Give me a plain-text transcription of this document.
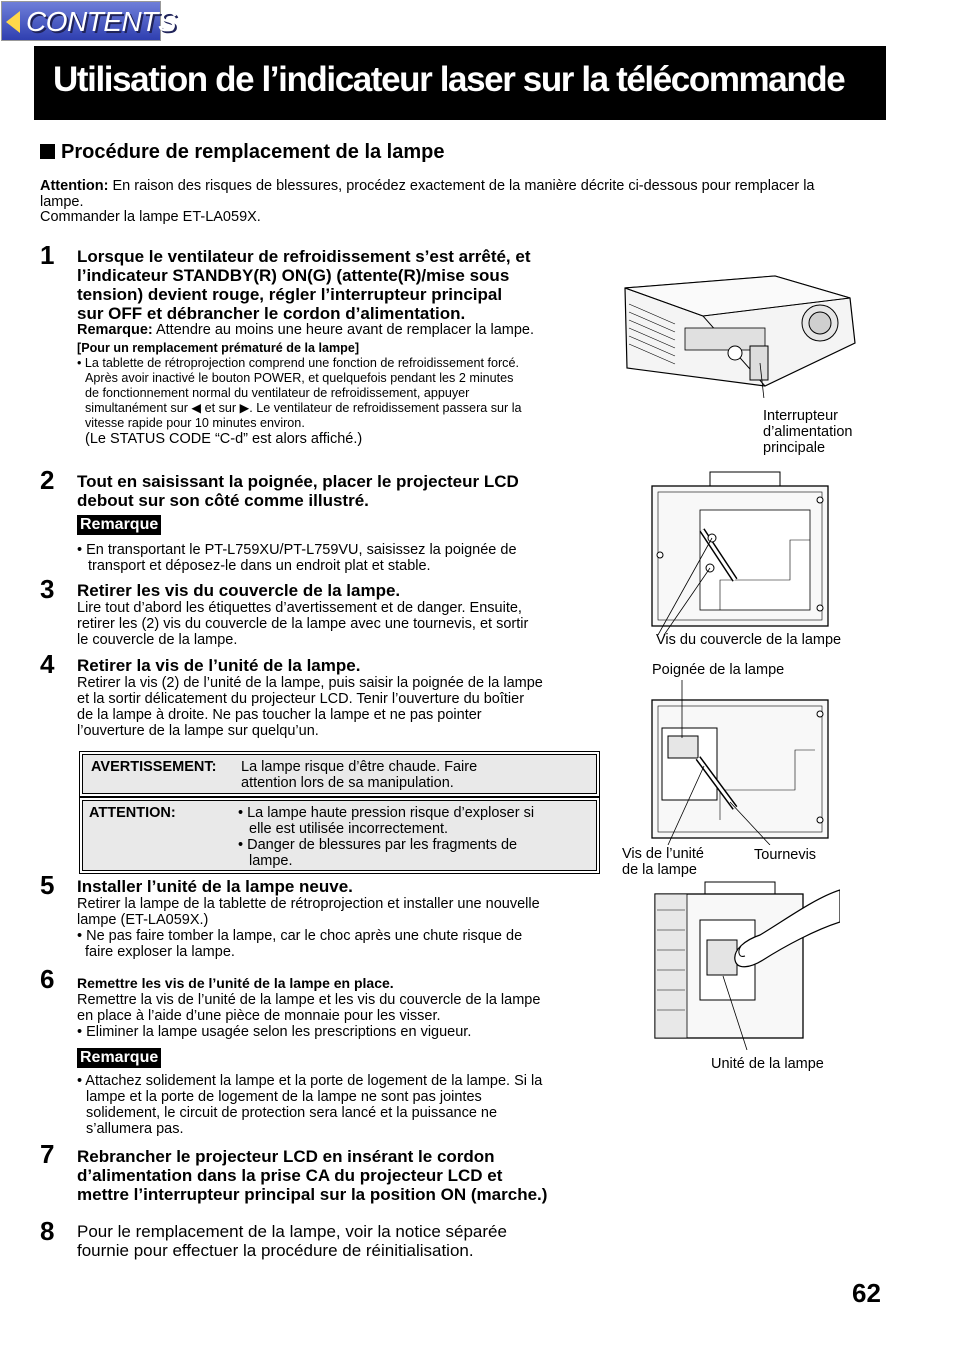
CONTENTS
Utilisation de l’indicateur laser sur la télécommande
Procédure de remplacement de la lampe
Attention: En raison des risques de blessures, procédez exactement de la manière décrite ci-dessous pour remplacer la lampe.
Commander la lampe ET-LA059X.
1 Lorsque le ventilateur de refroidissement s’est arrêté, et
l’indicateur STANDBY(R) ON(G) (attente(R)/mise sous
tension) devient rouge, régler l’interrupteur principal
sur OFF et débrancher le cordon d’alimentation.
Remarque: Attendre au moins une heure avant de remplacer la lampe.
[Pour un remplacement prématuré de la lampe]
• La tablette de rétroprojection comprend une fonction de refroidissement forcé.
Après avoir inactivé le bouton POWER, et quelquefois pendant les 2 minutes
de fonctionnement normal du ventilateur de refroidissement, appuyer
simultanément sur ◀ et sur ▶. Le ventilateur de refroidissement passera sur la
vitesse rapide pour 10 minutes environ.
(Le STATUS CODE “C-d” est alors affiché.)
2 Tout en saisissant la poignée, placer le projecteur LCD
debout sur son côté comme illustré.
Remarque
• En transportant le PT-L759XU/PT-L759VU, saisissez la poignée de
transport et déposez-le dans un endroit plat et stable.
3 Retirer les vis du couvercle de la lampe.
Lire tout d’abord les étiquettes d’avertissement et de danger. Ensuite,
retirer les (2) vis du couvercle de la lampe avec une tournevis, et sortir
le couvercle de la lampe.
4 Retirer la vis de l’unité de la lampe.
Retirer la vis (2) de l’unité de la lampe, puis saisir la poignée de la lampe
et la sortir délicatement du projecteur LCD. Tenir l’ouverture du boîtier
de la lampe à droite. Ne pas toucher la lampe et ne pas pointer
l’ouverture de la lampe sur quelqu’un.
AVERTISSEMENT: La lampe risque d’être chaude. Faire
attention lors de sa manipulation.
ATTENTION:	• La lampe haute pression risque d’exploser si
elle est utilisée incorrectement.
• Danger de blessures par les fragments de
lampe.
5 Installer l’unité de la lampe neuve.
Retirer la lampe de la tablette de rétroprojection et installer une nouvelle
lampe (ET-LA059X.)
• Ne pas faire tomber la lampe, car le choc après une chute risque de
faire exploser la lampe.
6 Remettre les vis de l’unité de la lampe en place.
Remettre la vis de l’unité de la lampe et les vis du couvercle de la lampe
en place à l’aide d’une pièce de monnaie pour les visser.
• Eliminer la lampe usagée selon les prescriptions en vigueur.
Remarque
• Attachez solidement la lampe et la porte de logement de la lampe. Si la
lampe et la porte de logement de la lampe ne sont pas jointes
solidement, le circuit de protection sera lancé et la puissance ne
s’allumera pas.
7 Rebrancher le projecteur LCD en insérant le cordon
d’alimentation dans la prise CA du projecteur LCD et
mettre l’interrupteur principal sur la position ON (marche.)
8 Pour le remplacement de la lampe, voir la notice séparée
fournie pour effectuer la procédure de réinitialisation.
Interrupteur
d’alimentation
principale
Vis du couvercle de la lampe
Poignée de la lampe
Vis de l’unité
de la lampe
Tournevis
Unité de la lampe
62
